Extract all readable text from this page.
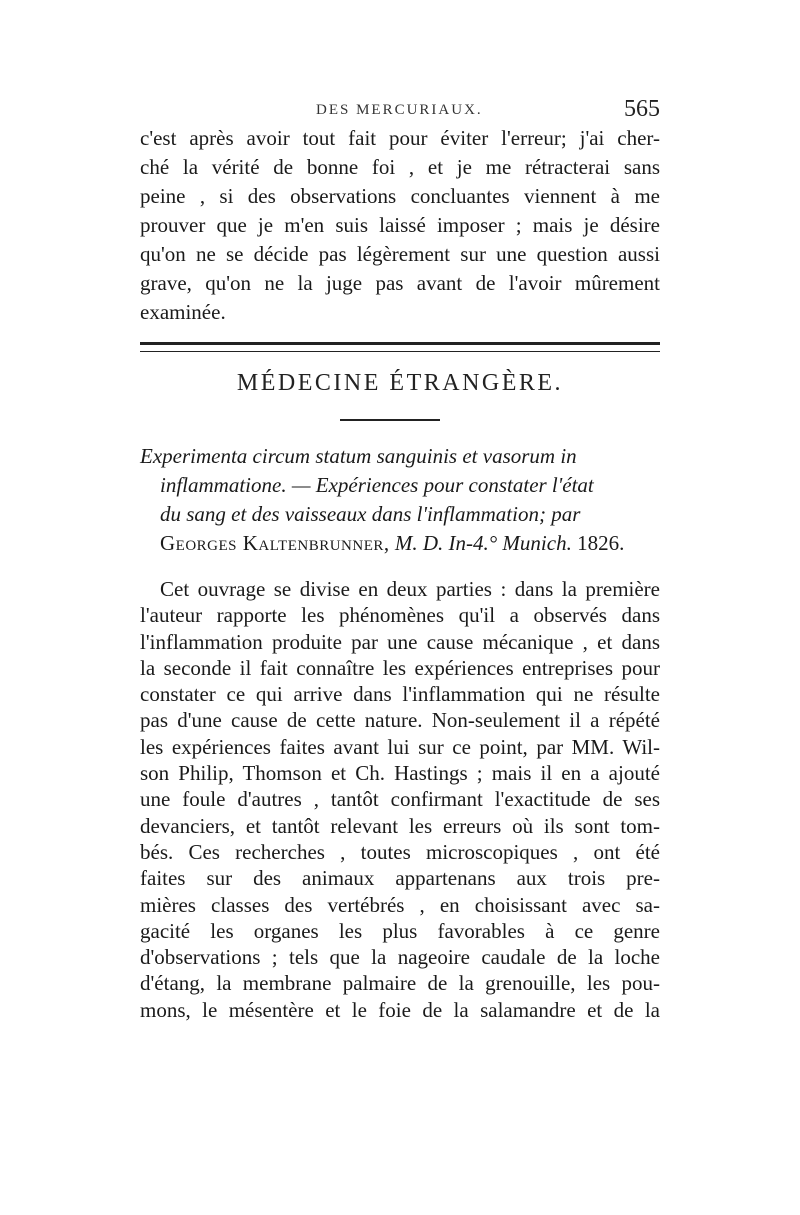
DES MERCURIAUX.	565
c'est après avoir tout fait pour éviter l'erreur; j'ai cher-
ché la vérité de bonne foi , et je me rétracterai sans
peine , si des observations concluantes viennent à me
prouver que je m'en suis laissé imposer ; mais je désire
qu'on ne se décide pas légèrement sur une question aussi
grave, qu'on ne la juge pas avant de l'avoir mûrement
examinée.
MÉDECINE ÉTRANGÈRE.
Experimenta circum statum sanguinis et vasorum in
inflammatione. — Expériences pour constater l'état
du sang et des vaisseaux dans l'inflammation; par
Georges Kaltenbrunner, M. D. In-4.° Munich. 1826.
Cet ouvrage se divise en deux parties : dans la première
l'auteur rapporte les phénomènes qu'il a observés dans
l'inflammation produite par une cause mécanique , et dans
la seconde il fait connaître les expériences entreprises pour
constater ce qui arrive dans l'inflammation qui ne résulte
pas d'une cause de cette nature. Non-seulement il a répété
les expériences faites avant lui sur ce point, par MM. Wil-
son Philip, Thomson et Ch. Hastings ; mais il en a ajouté
une foule d'autres , tantôt confirmant l'exactitude de ses
devanciers, et tantôt relevant les erreurs où ils sont tom-
bés. Ces recherches , toutes microscopiques , ont été
faites sur des animaux appartenans aux trois pre-
mières classes des vertébrés , en choisissant avec sa-
gacité les organes les plus favorables à ce genre
d'observations ; tels que la nageoire caudale de la loche
d'étang, la membrane palmaire de la grenouille, les pou-
mons, le mésentère et le foie de la salamandre et de la
